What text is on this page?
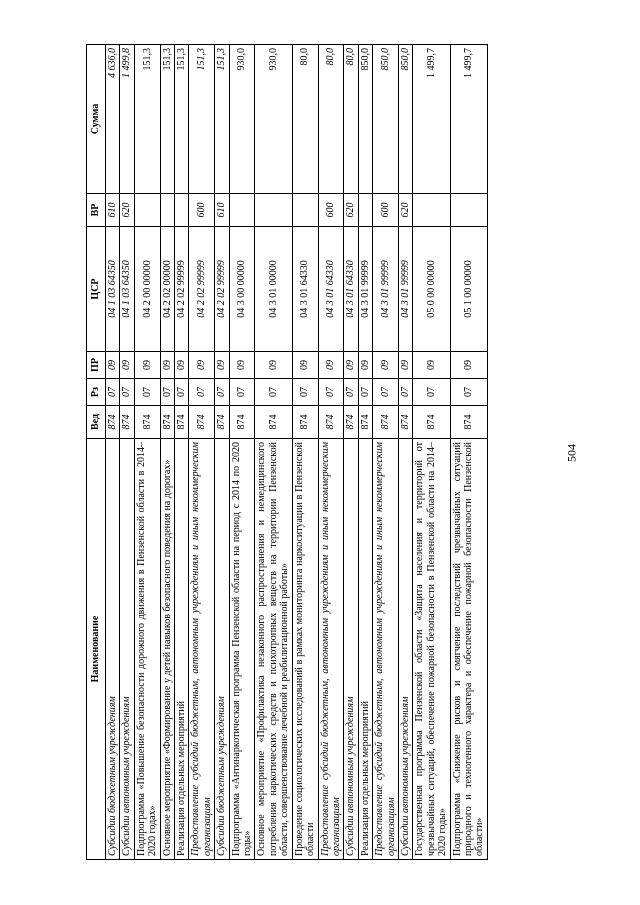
504
Наименование	Вед	Рз	ПР	ЦСР	ВР	Сумма
Субсидии бюджетным учреждениям	874	07	09	04 1 03 64350	610	4 636,0
Субсидии автономным учреждениям	874	07	09	04 1 03 64350	620	1 499,8
Подпрограмма «Повышение безопасности дорожного движения в Пензенской области в 2014–2020 годах»	874	07	09	04 2 00 00000		151,3
Основное мероприятие «Формирование у детей навыков безопасного поведения на дорогах»	874	07	09	04 2 02 00000		151,3
Реализация отдельных мероприятий	874	07	09	04 2 02 99999		151,3
Предоставление субсидий бюджетным, автономным учреждениям и иным некоммерческим организациям	874	07	09	04 2 02 99999	600	151,3
Субсидии бюджетным учреждениям	874	07	09	04 2 02 99999	610	151,3
Подпрограмма «Антинаркотическая программа Пензенской области на период с 2014 по 2020 годы»	874	07	09	04 3 00 00000		930,0
Основное мероприятие «Профилактика незаконного распространения и немедицинского потребления наркотических средств и психотропных веществ на территории Пензенской области, совершенствование лечебной и реабилитационной работы»	874	07	09	04 3 01 00000		930,0
Проведение социологических исследований в рамках мониторинга наркоситуации в Пензенской области	874	07	09	04 3 01 64330		80,0
Предоставление субсидий бюджетным, автономным учреждениям и иным некоммерческим организациям	874	07	09	04 3 01 64330	600	80,0
Субсидии автономным учреждениям	874	07	09	04 3 01 64330	620	80,0
Реализация отдельных мероприятий	874	07	09	04 3 01 99999		850,0
Предоставление субсидий бюджетным, автономным учреждениям и иным некоммерческим организациям	874	07	09	04 3 01 99999	600	850,0
Субсидии автономным учреждениям	874	07	09	04 3 01 99999	620	850,0
Государственная программа Пензенской области «Защита населения и территорий от чрезвычайных ситуаций, обеспечение пожарной безопасности в Пензенской области на 2014–2020 годы»	874	07	09	05 0 00 00000		1 499,7
Подпрограмма «Снижение рисков и смягчение последствий чрезвычайных ситуаций природного и техногенного характера и обеспечение пожарной безопасности Пензенской области»	874	07	09	05 1 00 00000		1 499,7
